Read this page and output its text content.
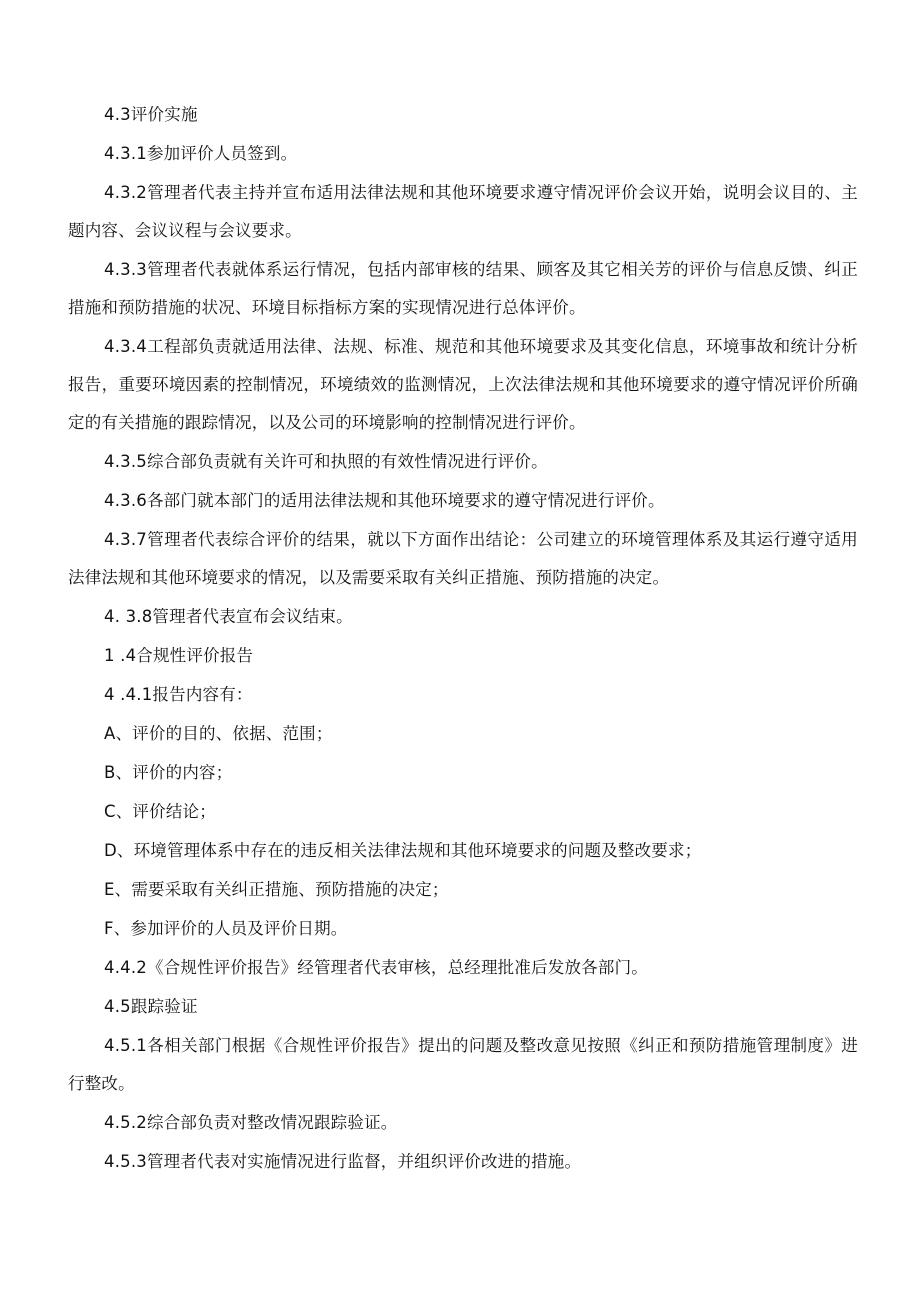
4.3评价实施

4.3.1参加评价人员签到。

4.3.2管理者代表主持并宣布适用法律法规和其他环境要求遵守情况评价会议开始，说明会议目的、主题内容、会议议程与会议要求。

4.3.3管理者代表就体系运行情况，包括内部审核的结果、顾客及其它相关芳的评价与信息反馈、纠正措施和预防措施的状况、环境目标指标方案的实现情况进行总体评价。

4.3.4工程部负责就适用法律、法规、标准、规范和其他环境要求及其变化信息，环境事故和统计分析报告，重要环境因素的控制情况，环境绩效的监测情况，上次法律法规和其他环境要求的遵守情况评价所确定的有关措施的跟踪情况，以及公司的环境影响的控制情况进行评价。

4.3.5综合部负责就有关许可和执照的有效性情况进行评价。

4.3.6各部门就本部门的适用法律法规和其他环境要求的遵守情况进行评价。

4.3.7管理者代表综合评价的结果，就以下方面作出结论：公司建立的环境管理体系及其运行遵守适用法律法规和其他环境要求的情况，以及需要采取有关纠正措施、预防措施的决定。

4. 3.8管理者代表宣布会议结束。

1 .4合规性评价报告

4 .4.1报告内容有：

A、评价的目的、依据、范围；

B、评价的内容；

C、评价结论；

D、环境管理体系中存在的违反相关法律法规和其他环境要求的问题及整改要求；

E、需要采取有关纠正措施、预防措施的决定；

F、参加评价的人员及评价日期。

4.4.2《合规性评价报告》经管理者代表审核，总经理批准后发放各部门。

4.5跟踪验证

4.5.1各相关部门根据《合规性评价报告》提出的问题及整改意见按照《纠正和预防措施管理制度》进行整改。

4.5.2综合部负责对整改情况跟踪验证。

4.5.3管理者代表对实施情况进行监督，并组织评价改进的措施。
